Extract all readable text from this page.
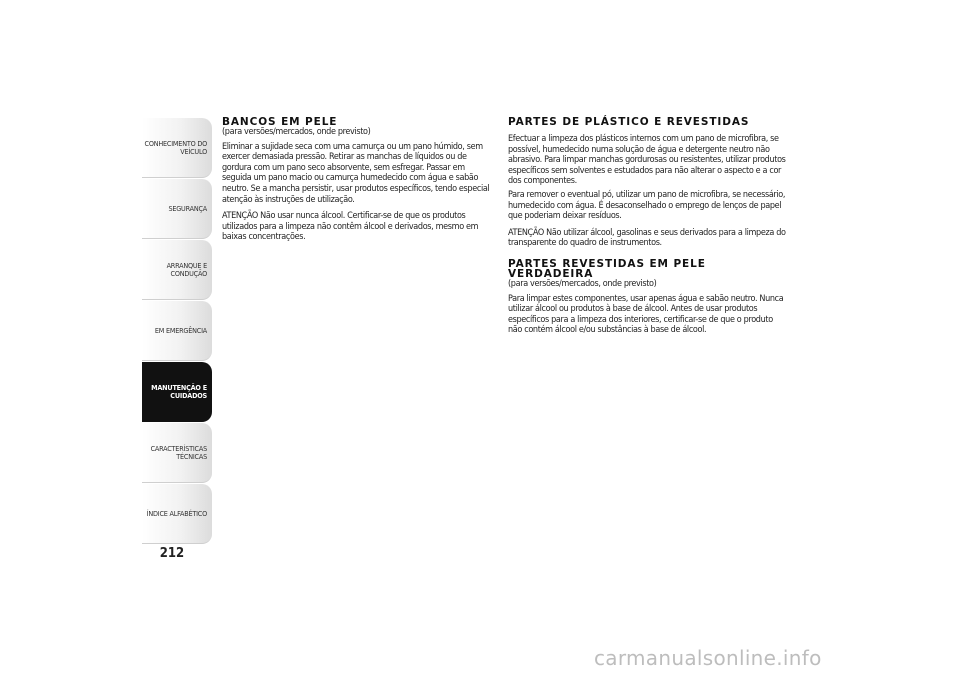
CONHECIMENTO DO VEÍCULO
SEGURANÇA
ARRANQUE E CONDUÇÃO
EM EMERGÊNCIA
MANUTENÇÃO E CUIDADOS
CARACTERÍSTICAS TÉCNICAS
ÍNDICE ALFABÉTICO
212
BANCOS EM PELE

(para versões/mercados, onde previsto)

Eliminar a sujidade seca com uma camurça ou um pano húmido, sem exercer demasiada pressão. Retirar as manchas de líquidos ou de gordura com um pano seco absorvente, sem esfregar. Passar em seguida um pano macio ou camurça humedecido com água e sabão neutro. Se a mancha persistir, usar produtos específicos, tendo especial atenção às instruções de utilização.

ATENÇÃO Não usar nunca álcool. Certificar-se de que os produtos utilizados para a limpeza não contêm álcool e derivados, mesmo em baixas concentrações.

PARTES DE PLÁSTICO E REVESTIDAS

Efectuar a limpeza dos plásticos internos com um pano de microfibra, se possível, humedecido numa solução de água e detergente neutro não abrasivo. Para limpar manchas gordurosas ou resistentes, utilizar produtos específicos sem solventes e estudados para não alterar o aspecto e a cor dos componentes.

Para remover o eventual pó, utilizar um pano de microfibra, se necessário, humedecido com água. É desaconselhado o emprego de lenços de papel que poderiam deixar resíduos.

ATENÇÃO Não utilizar álcool, gasolinas e seus derivados para a limpeza do transparente do quadro de instrumentos.

PARTES REVESTIDAS EM PELE VERDADEIRA

(para versões/mercados, onde previsto)

Para limpar estes componentes, usar apenas água e sabão neutro. Nunca utilizar álcool ou produtos à base de álcool. Antes de usar produtos específicos para a limpeza dos interiores, certificar-se de que o produto não contém álcool e/ou substâncias à base de álcool.

carmanualsonline.info
